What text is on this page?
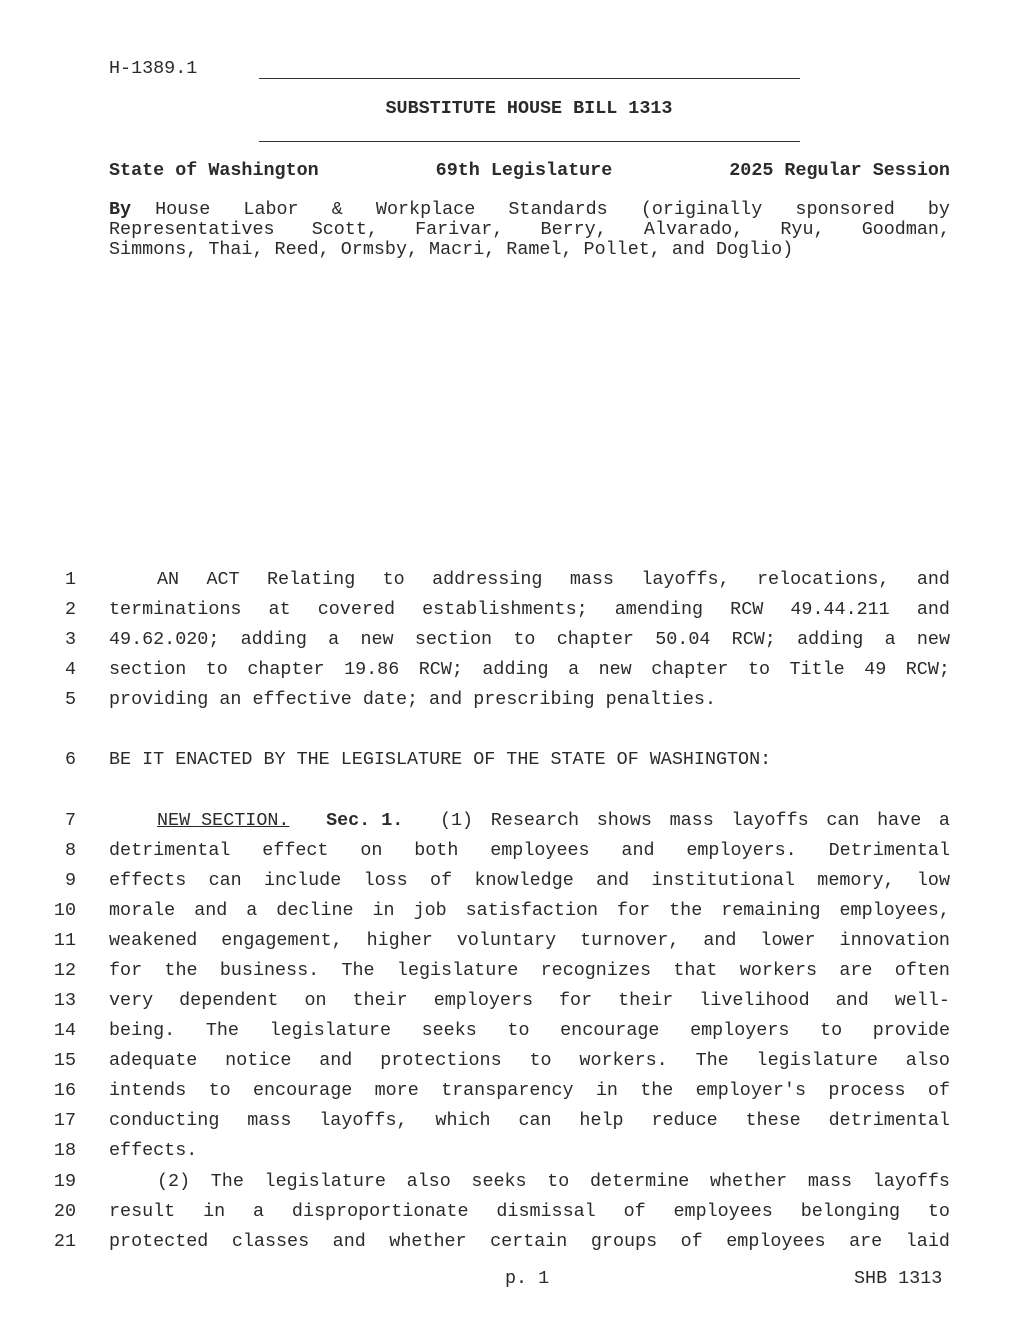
H-1389.1
SUBSTITUTE HOUSE BILL 1313
State of Washington	69th Legislature	2025 Regular Session
By House Labor & Workplace Standards (originally sponsored by
Representatives Scott, Farivar, Berry, Alvarado, Ryu, Goodman,
Simmons, Thai, Reed, Ormsby, Macri, Ramel, Pollet, and Doglio)
1	AN ACT Relating to addressing mass layoffs, relocations, and
2 terminations at covered establishments; amending RCW 49.44.211 and
3 49.62.020; adding a new section to chapter 50.04 RCW; adding a new
4 section to chapter 19.86 RCW; adding a new chapter to Title 49 RCW;
5 providing an effective date; and prescribing penalties.
6 BE IT ENACTED BY THE LEGISLATURE OF THE STATE OF WASHINGTON:
7	NEW SECTION. Sec. 1. (1) Research shows mass layoffs can have a
8 detrimental effect on both employees and employers. Detrimental
9 effects can include loss of knowledge and institutional memory, low
10 morale and a decline in job satisfaction for the remaining employees,
11 weakened engagement, higher voluntary turnover, and lower innovation
12 for the business. The legislature recognizes that workers are often
13 very dependent on their employers for their livelihood and well-
14 being. The legislature seeks to encourage employers to provide
15 adequate notice and protections to workers. The legislature also
16 intends to encourage more transparency in the employer's process of
17 conducting mass layoffs, which can help reduce these detrimental
18 effects.
19	(2) The legislature also seeks to determine whether mass layoffs
20 result in a disproportionate dismissal of employees belonging to
21 protected classes and whether certain groups of employees are laid
p. 1	SHB 1313
